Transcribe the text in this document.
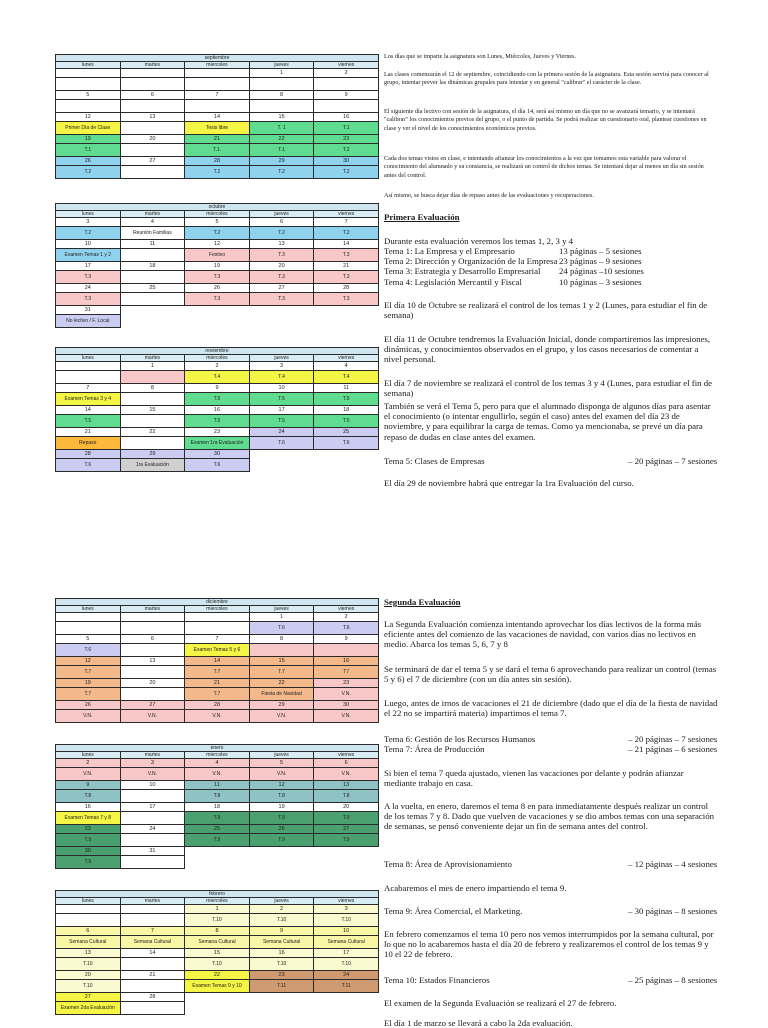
septiembre				
lunes	martes	miercoles	jueves	viernes
			1	2

5	6	7	8	9

12	13	14	15	16
Primer Día de Clase		Tesis libre	T. 1	T.1
19	20	21	22	23
T.1		T.1.	T.1	T.2
26	27	28	29	30
T.2		T.2	T.2	T.2
octubre				
lunes	martes	miercoles	jueves	viernes
3	4	5	6	7
T.2	Reunión Familias	T.2	T.2	T.2
10	11	12	13	14
Examen Temas 1 y 2		Festivo	T.3	T.3
17	18	19	20	21
T.3		T.3	T.3	T.3
24	25	26	27	28
T.3		T.3	T.3	T.3
31				
No lectivo / F. Local				
noviembre				
lunes	martes	miercoles	jueves	viernes
	1	2	3	4
		T.4	T.4	T.4
7	8	9	10	11
Examen Temas 3 y 4		T.5	T.5	T.5
14	15	16	17	18
T.5		T.5	T.5	T.5
21	22	23	24	25
Repaso		Examen 1ra Evaluación	T.6	T.6
28	29	30		
T.6	1ra Evaluación	T.6		
diciembre				
lunes	martes	miercoles	jueves	viernes
			1	2
			T.6	T.6
5	6	7	8	9
T.6		Examen Temas 5 y 6		
12	13	14	15	16
T.7		T.7	T.7	T7
19	20	21	22	23
T.7		T.7	Fiesta de Navidad	V.N.
26	27	28	29	30
V.N.	V.N.	V.N.	V.N.	V.N.
enero				
lunes	martes	miercoles	jueves	viernes
2	3	4	5	6
V.N.	V.N.	V.N.	V.N.	V.N.
9	10	11	12	13
T.8		T.8	T.8	T.8
16	17	18	19	20
Examen Temas 7 y 8		T.9	T.9	T.9
23	24	25	26	27
T.9		T.9	T.9	T.9
30	31			
T.9				
febrero				
lunes	martes	miercoles	jueves	viernes
		1	2	3
		T.10	T.10	T.10
6	7	8	9	10
Semana Cultural	Semana Cultural	Semana Cultural	Semana Cultural	Semana Cultural
13	14	15	16	17
T.10		T.10	T.10	T.10
20	21	22	23	24
T.10		Examen Temas 9 y 10	T.11	T.11
27	28			
Examen 2da Evaluación				
Los días que se imparte la asignatura son Lunes, Miércoles, Jueves y Viernes.
Las clases comenzarán el 12 de septiembre, coincidiendo con la primera sesión de la asignatura. Esta sesión servirá para conocer al grupo, intentar prever las dinámicas grupales para intentar y en general "calibrar" el carácter de la clase.
El siguiente día lectivo con sesión de la asignatura, el día 14, será así mismo un día que no se avanzará temario, y se intentará "calibrar" los conocimientos previos del grupo, o el punto de partida. Se podrá realizar un cuestionario oral, plantear cuestiones en clase y ver el nivel de los conocimientos económicos previos.
Cada dos temas vistos en clase, e intentando afianzar los conocimientos a la vez que tomamos esta variable para valorar el conocimiento del alumnado y su constancia, se realizará un control de dichos temas. Se intentará dejar al menos un día sin sesión antes del control.
Así mismo, se busca dejar días de repaso antes de las evaluaciones y recuperaciones.
Primera Evaluación
Durante esta evaluación veremos los temas 1, 2, 3 y 4
Tema 1: La Empresa y el Empresario	13 páginas – 5 sesiones
Tema 2: Dirección y Organización de la Empresa 23 páginas – 9 sesiones
Tema 3: Estrategia y Desarrollo Empresarial	24 páginas –10 sesiones
Tema 4: Legislación Mercantil y Fiscal	10 páginas – 3 sesiones
El día 10 de Octubre se realizará el control de los temas 1 y 2 (Lunes, para estudiar el fin de semana)
El día 11 de Octubre tendremos la Evaluación Inicial, donde compartiremos las impresiones, dinámicas, y conocimientos observados en el grupo, y los casos necesarios de comentar a nivel personal.
El día 7 de noviembre se realizará el control de los temas 3 y 4 (Lunes, para estudiar el fin de semana)
También se verá el Tema 5, pero para que el alumnado disponga de algunos días para asentar el conocimiento (o intentar engullirlo, según el caso) antes del examen del día 23 de noviembre, y para equilibrar la carga de temas. Como ya mencionaba, se prevé un día para repaso de dudas en clase antes del examen.
Tema 5: Clases de Empresas	– 20 páginas – 7 sesiones
El día 29 de noviembre habrá que entregar la 1ra Evaluación del curso.
Segunda Evaluación
La Segunda Evaluación comienza intentando aprovechar los días lectivos de la forma más eficiente antes del comienzo de las vacaciones de navidad, con varios días no lectivos en medio. Abarca los temas 5, 6, 7 y 8
Se terminará de dar el tema 5 y se dará el tema 6 aprovechando para realizar un control (temas 5 y 6) el 7 de diciembre (con un día antes sin sesión).
Luego, antes de irnos de vacaciones el 21 de diciembre (dado que el día de la fiesta de navidad el 22 no se impartirá materia) impartimos el tema 7.
Tema 6: Gestión de los Recursos Humanos	– 20 páginas – 7 sesiones
Tema 7: Área de Producción	– 21 páginas – 6 sesiones
Si bien el tema 7 queda ajustado, vienen las vacaciones por delante y podrán afianzar mediante trabajo en casa.
A la vuelta, en enero, daremos el tema 8 en para inmediatamente después realizar un control de los temas 7 y 8. Dado que vuelven de vacaciones y se dio ambos temas con una separación de semanas, se pensó conveniente dejar un fin de semana antes del control.
Tema 8: Área de Aprovisionamiento	– 12 páginas – 4 sesiones
Acabaremos el mes de enero impartiendo el tema 9.
Tema 9: Área Comercial, el Marketing.	– 30 páginas – 8 sesiones
En febrero comenzamos el tema 10 pero nos vemos interrumpidos por la semana cultural, por lo que no lo acabaremos hasta el día 20 de febrero y realizaremos el control de los temas 9 y 10 el 22 de febrero.
Tema 10: Estados Financieros	– 25 páginas – 8 sesiones
El examen de la Segunda Evaluación se realizará el 27 de febrero.
El día 1 de marzo se llevará a cabo la 2da evaluación.
